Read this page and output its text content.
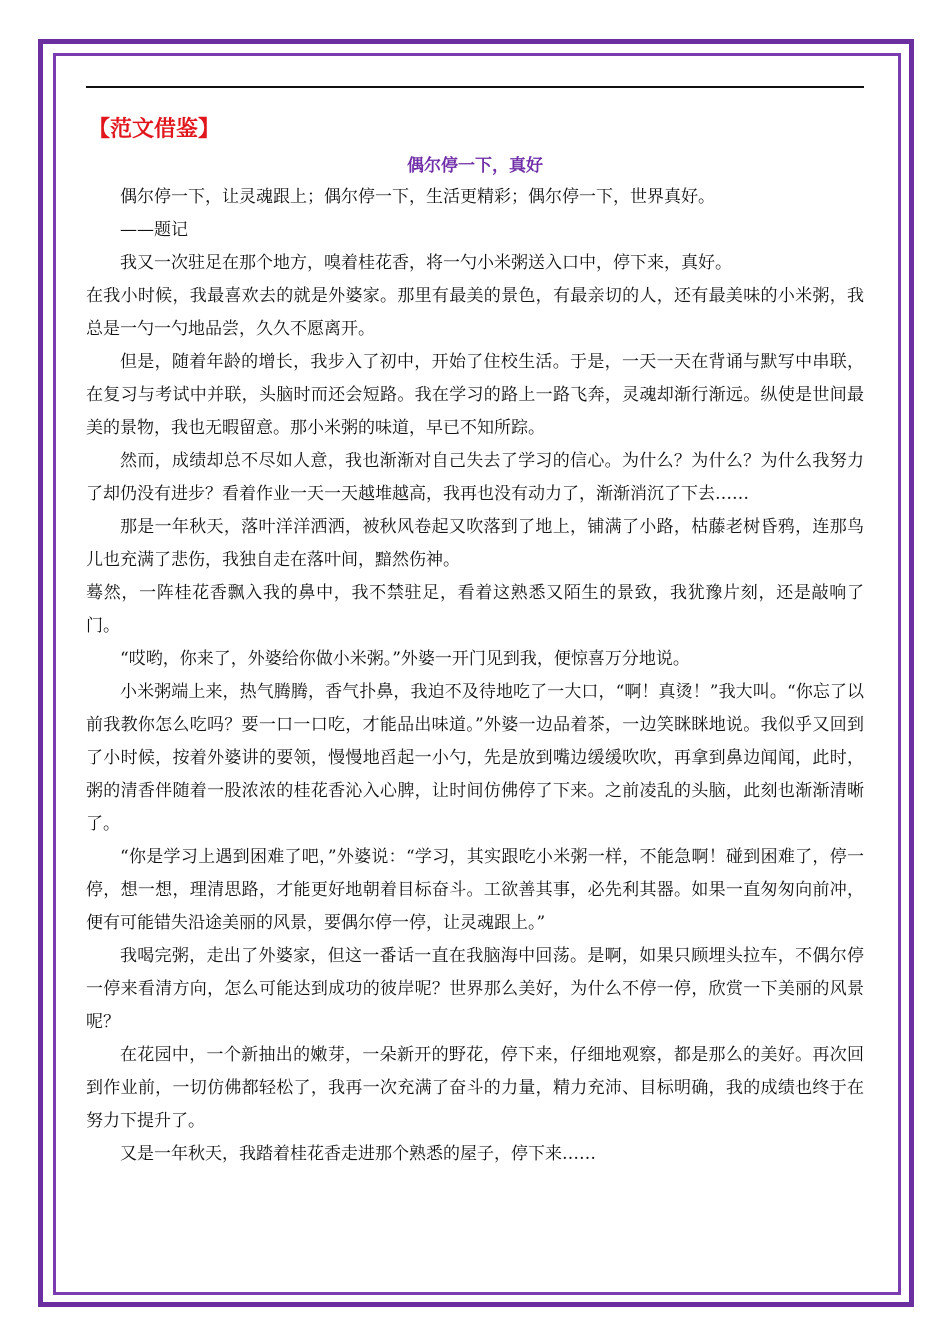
【范文借鉴】
偶尔停一下，真好

偶尔停一下，让灵魂跟上；偶尔停一下，生活更精彩；偶尔停一下，世界真好。

——题记

我又一次驻足在那个地方，嗅着桂花香，将一勺小米粥送入口中，停下来，真好。

在我小时候，我最喜欢去的就是外婆家。那里有最美的景色，有最亲切的人，还有最美味的小米粥，我总是一勺一勺地品尝，久久不愿离开。

但是，随着年龄的增长，我步入了初中，开始了住校生活。于是，一天一天在背诵与默写中串联，在复习与考试中并联，头脑时而还会短路。我在学习的路上一路飞奔，灵魂却渐行渐远。纵使是世间最美的景物，我也无暇留意。那小米粥的味道，早已不知所踪。

然而，成绩却总不尽如人意，我也渐渐对自己失去了学习的信心。为什么？为什么？为什么我努力了却仍没有进步？看着作业一天一天越堆越高，我再也没有动力了，渐渐消沉了下去……

那是一年秋天，落叶洋洋洒洒，被秋风卷起又吹落到了地上，铺满了小路，枯藤老树昏鸦，连那鸟儿也充满了悲伤，我独自走在落叶间，黯然伤神。

蓦然，一阵桂花香飘入我的鼻中，我不禁驻足，看着这熟悉又陌生的景致，我犹豫片刻，还是敲响了门。

“哎哟，你来了，外婆给你做小米粥。”外婆一开门见到我，便惊喜万分地说。

小米粥端上来，热气腾腾，香气扑鼻，我迫不及待地吃了一大口，“啊！真烫！”我大叫。“你忘了以前我教你怎么吃吗？要一口一口吃，才能品出味道。”外婆一边品着茶，一边笑眯眯地说。我似乎又回到了小时候，按着外婆讲的要领，慢慢地舀起一小勺，先是放到嘴边缓缓吹吹，再拿到鼻边闻闻，此时，粥的清香伴随着一股浓浓的桂花香沁入心脾，让时间仿佛停了下来。之前凌乱的头脑，此刻也渐渐清晰了。

“你是学习上遇到困难了吧，”外婆说：“学习，其实跟吃小米粥一样，不能急啊！碰到困难了，停一停，想一想，理清思路，才能更好地朝着目标奋斗。工欲善其事，必先利其器。如果一直匆匆向前冲，便有可能错失沿途美丽的风景，要偶尔停一停，让灵魂跟上。”

我喝完粥，走出了外婆家，但这一番话一直在我脑海中回荡。是啊，如果只顾埋头拉车，不偶尔停一停来看清方向，怎么可能达到成功的彼岸呢？世界那么美好，为什么不停一停，欣赏一下美丽的风景呢？

在花园中，一个新抽出的嫩芽，一朵新开的野花，停下来，仔细地观察，都是那么的美好。再次回到作业前，一切仿佛都轻松了，我再一次充满了奋斗的力量，精力充沛、目标明确，我的成绩也终于在努力下提升了。

又是一年秋天，我踏着桂花香走进那个熟悉的屋子，停下来……
